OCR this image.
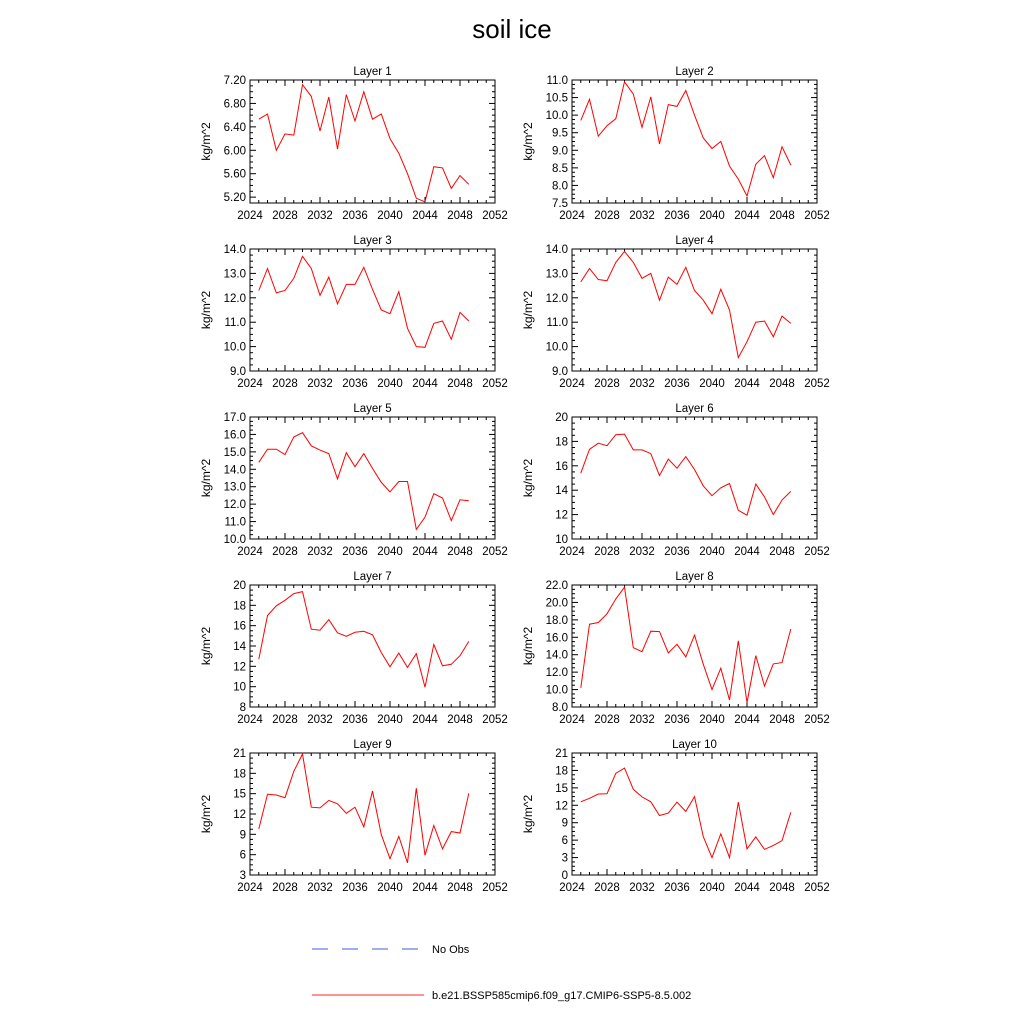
soil ice
Layer 1
kg/m^2
2024 2028 2032 2036 2040 2044 2048 2052
5.20
5.60
6.00
6.40
6.80
7.20
Layer 2
kg/m^2
2024 2028 2032 2036 2040 2044 2048 2052
7.5
8.0
8.5
9.0
9.5
10.0
10.5
11.0
Layer 3
kg/m^2
2024 2028 2032 2036 2040 2044 2048 2052
9.0
10.0
11.0
12.0
13.0
14.0
Layer 4
kg/m^2
2024 2028 2032 2036 2040 2044 2048 2052
9.0
10.0
11.0
12.0
13.0
14.0
Layer 5
kg/m^2
2024 2028 2032 2036 2040 2044 2048 2052
10.0
11.0
12.0
13.0
14.0
15.0
16.0
17.0
Layer 6
kg/m^2
2024 2028 2032 2036 2040 2044 2048 2052
10
12
14
16
18
20
Layer 7
kg/m^2
2024 2028 2032 2036 2040 2044 2048 2052
8
10
12
14
16
18
20
Layer 8
kg/m^2
2024 2028 2032 2036 2040 2044 2048 2052
8.0
10.0
12.0
14.0
16.0
18.0
20.0
22.0
Layer 9
kg/m^2
2024 2028 2032 2036 2040 2044 2048 2052
3
6
9
12
15
18
21
Layer 10
kg/m^2
2024 2028 2032 2036 2040 2044 2048 2052
0
3
6
9
12
15
18
21
No Obs
b.e21.BSSP585cmip6.f09_g17.CMIP6-SSP5-8.5.002
